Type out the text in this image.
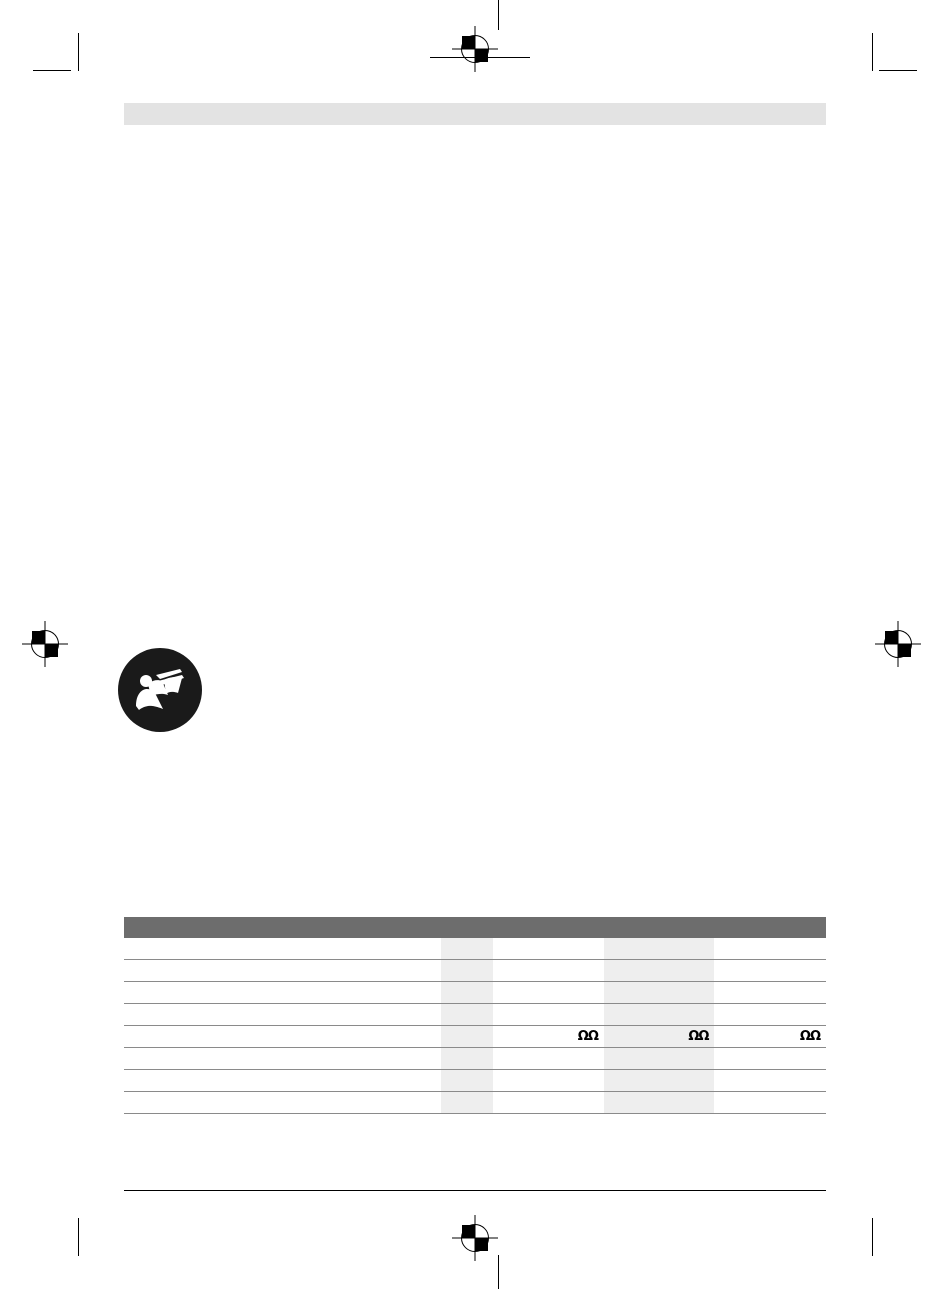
		ΩΩ	ΩΩ	ΩΩ
